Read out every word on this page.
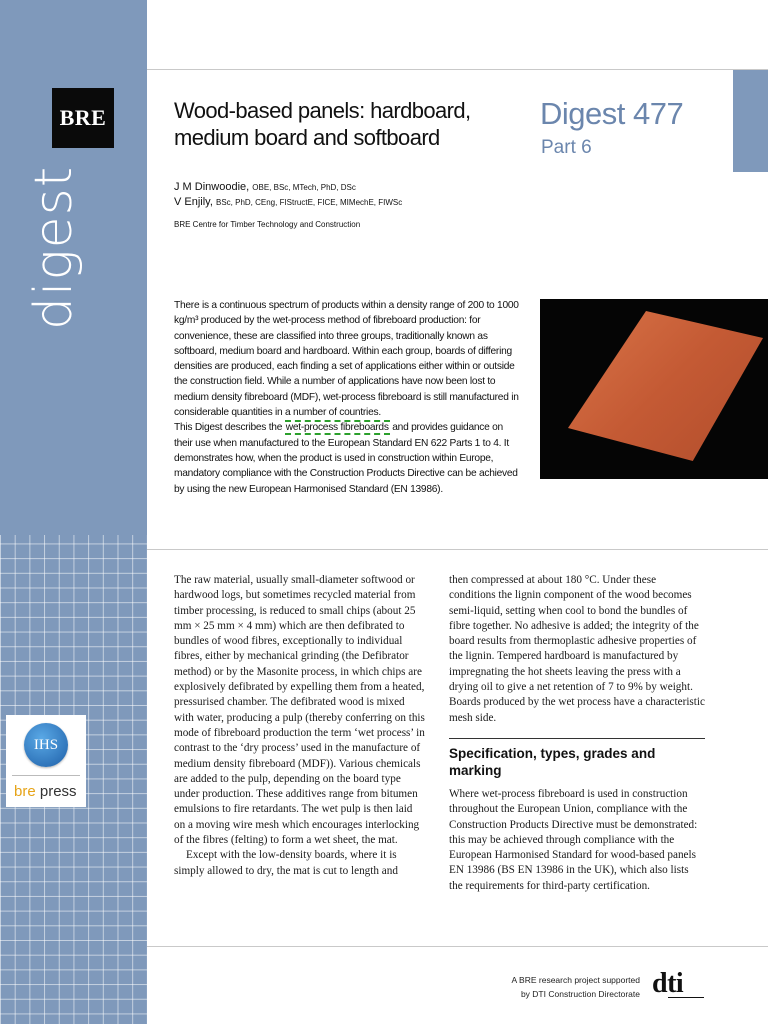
BRE
digest
IHS
bre press
Wood-based panels: hardboard,
medium board and softboard
Digest 477
Part 6
J M Dinwoodie, OBE, BSc, MTech, PhD, DSc
V Enjily, BSc, PhD, CEng, FIStructE, FICE, MIMechE, FIWSc
BRE Centre for Timber Technology and Construction

There is a continuous spectrum of products within a density range of 200 to 1000 kg/m³ produced by the wet-process method of fibreboard production: for convenience, these are classified into three groups, traditionally known as softboard, medium board and hardboard. Within each group, boards of differing densities are produced, each finding a set of applications either within or outside the construction field. While a number of applications have now been lost to medium density fibreboard (MDF), wet-process fibreboard is still manufactured in considerable quantities in a number of countries.

This Digest describes the wet-process fibreboards and provides guidance on their use when manufactured to the European Standard EN 622 Parts 1 to 4. It demonstrates how, when the product is used in construction within Europe, mandatory compliance with the Construction Products Directive can be achieved by using the new European Harmonised Standard (EN 13986).

The raw material, usually small-diameter softwood or hardwood logs, but sometimes recycled material from timber processing, is reduced to small chips (about 25 mm × 25 mm × 4 mm) which are then defibrated to bundles of wood fibres, exceptionally to individual fibres, either by mechanical grinding (the Defibrator method) or by the Masonite process, in which chips are explosively defibrated by expelling them from a heated, pressurised chamber. The defibrated wood is mixed with water, producing a pulp (thereby conferring on this mode of fibreboard production the term ‘wet process’ in contrast to the ‘dry process’ used in the manufacture of medium density fibreboard (MDF)). Various chemicals are added to the pulp, depending on the board type under production. These additives range from bitumen emulsions to fire retardants. The wet pulp is then laid on a moving wire mesh which encourages interlocking of the fibres (felting) to form a wet sheet, the mat.

Except with the low-density boards, where it is simply allowed to dry, the mat is cut to length and

then compressed at about 180 °C. Under these conditions the lignin component of the wood becomes semi-liquid, setting when cool to bond the bundles of fibre together. No adhesive is added; the integrity of the board results from thermoplastic adhesive properties of the lignin. Tempered hardboard is manufactured by impregnating the hot sheets leaving the press with a drying oil to give a net retention of 7 to 9% by weight. Boards produced by the wet process have a characteristic mesh side.

Specification, types, grades and marking

Where wet-process fibreboard is used in construction throughout the European Union, compliance with the Construction Products Directive must be demonstrated: this may be achieved through compliance with the European Harmonised Standard for wood-based panels EN 13986 (BS EN 13986 in the UK), which also lists the requirements for third-party certification.

A BRE research project supported
by DTI Construction Directorate dti
